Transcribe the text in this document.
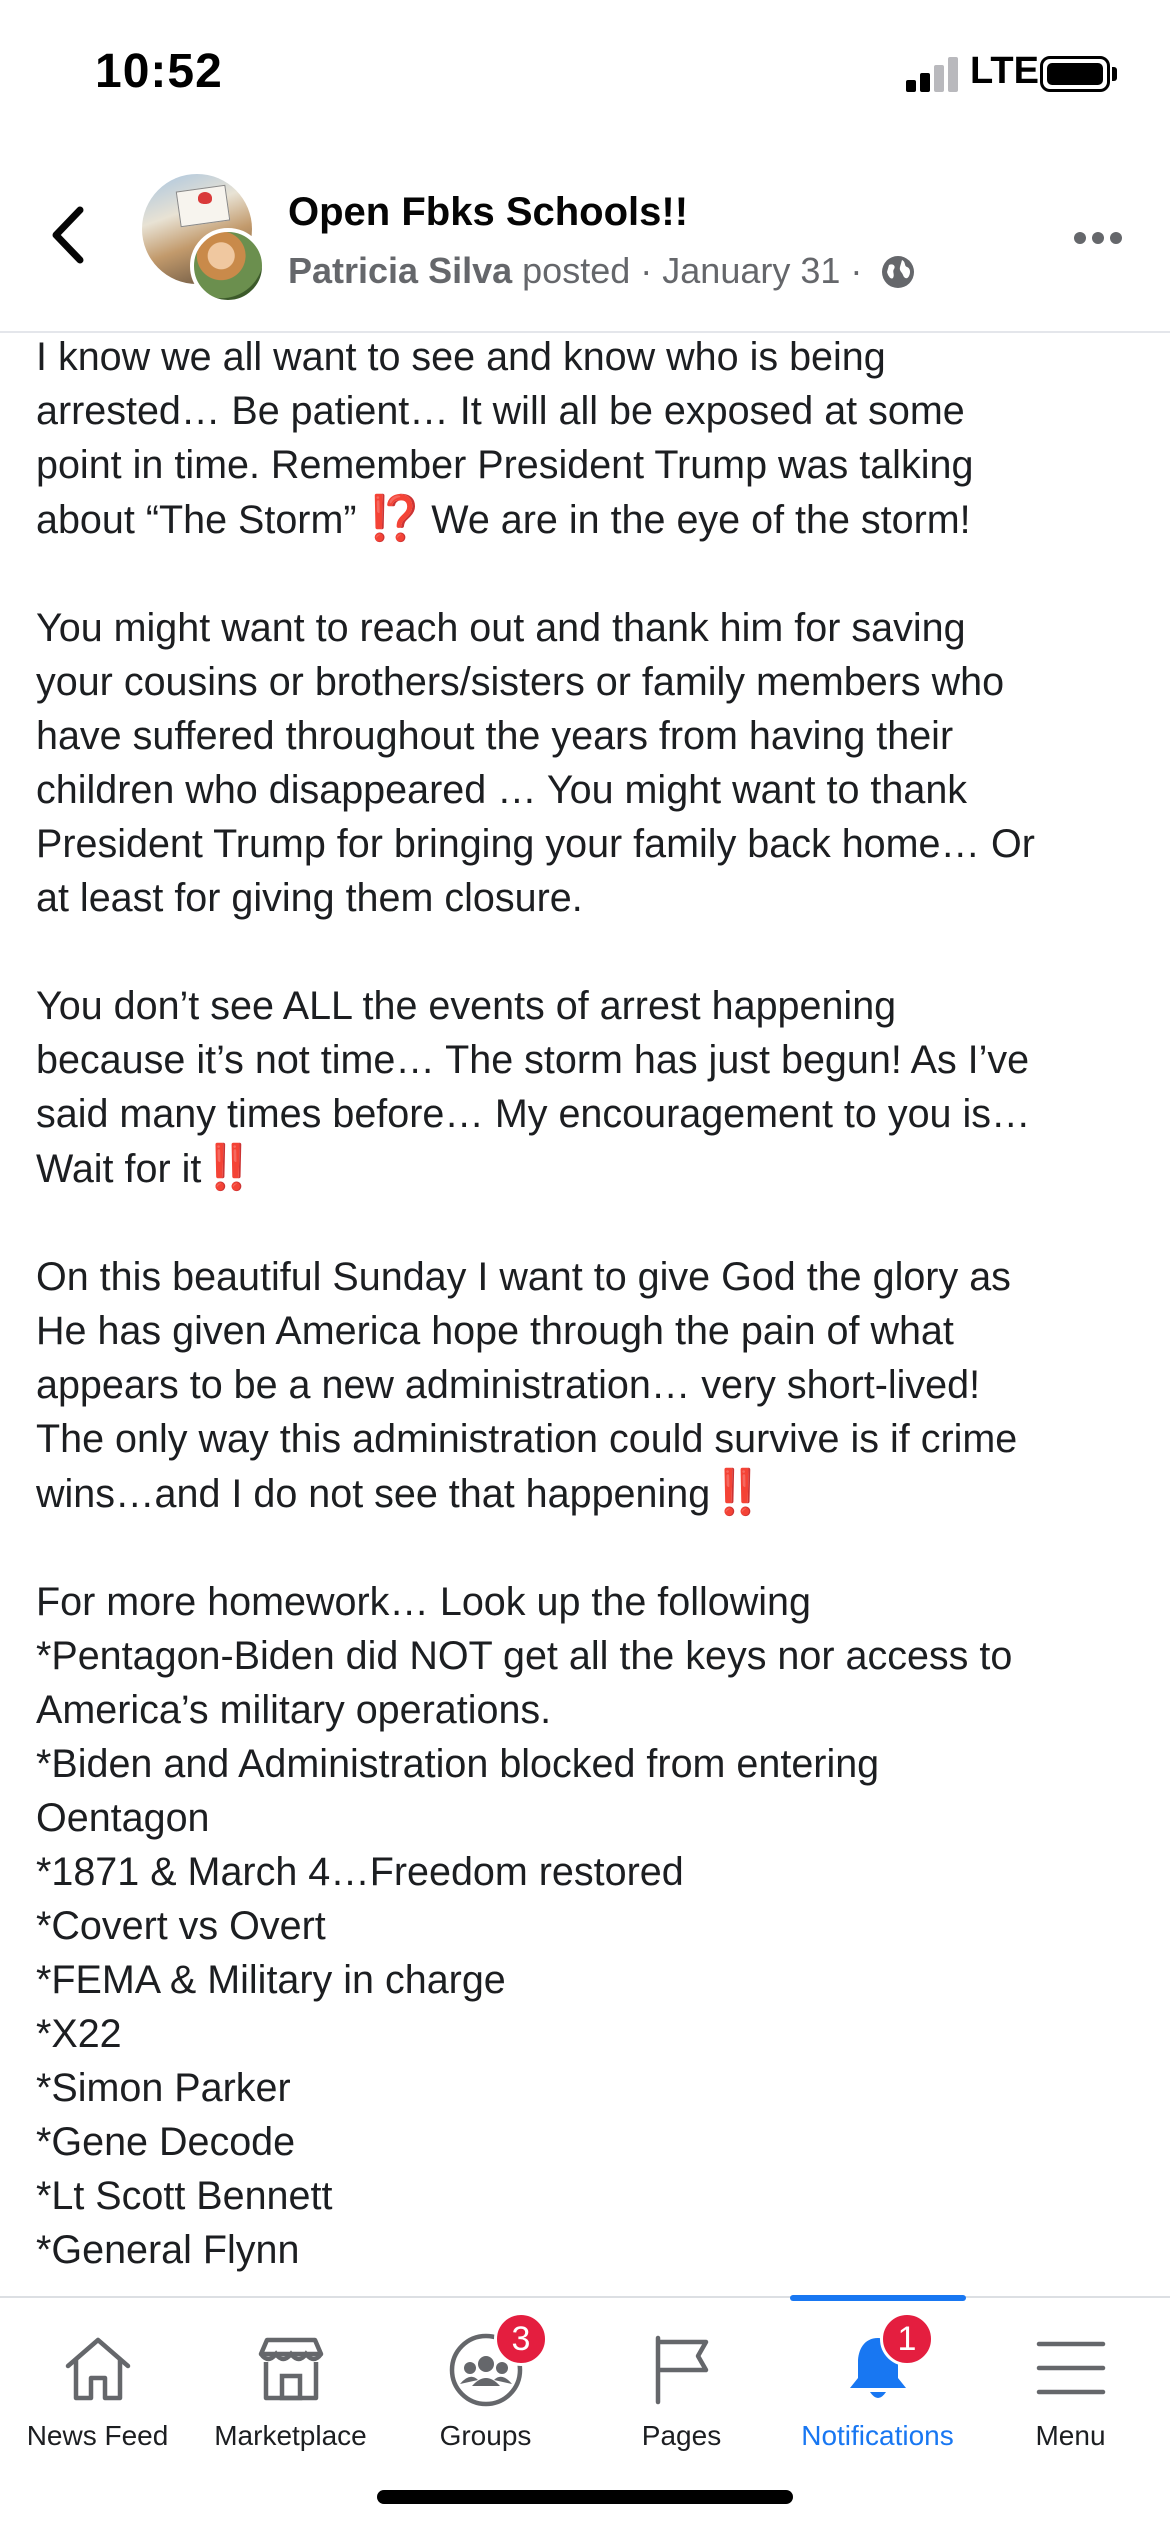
10:52	LTE
Open Fbks Schools!!
Patricia Silva posted · January 31 ·

I know we all want to see and know who is being

arrested… Be patient… It will all be exposed at some

point in time. Remember President Trump was talking

about “The Storm” ⁉️ We are in the eye of the storm!

You might want to reach out and thank him for saving

your cousins or brothers/sisters or family members who

have suffered throughout the years from having their

children who disappeared … You might want to thank

President Trump for bringing your family back home… Or

at least for giving them closure.

You don’t see ALL the events of arrest happening

because it’s not time… The storm has just begun! As I’ve

said many times before… My encouragement to you is…

Wait for it‼️

On this beautiful Sunday I want to give God the glory as

He has given America hope through the pain of what

appears to be a new administration… very short-lived!

The only way this administration could survive is if crime

wins…and I do not see that happening‼️

For more homework… Look up the following

*Pentagon-Biden did NOT get all the keys nor access to

America’s military operations.

*Biden and Administration blocked from entering

Oentagon

*1871 & March 4…Freedom restored

*Covert vs Overt

*FEMA & Military in charge

*X22

*Simon Parker

*Gene Decode

*Lt Scott Bennett

*General Flynn

News Feed	Marketplace
3
Groups	Pages
1
Notifications	Menu
